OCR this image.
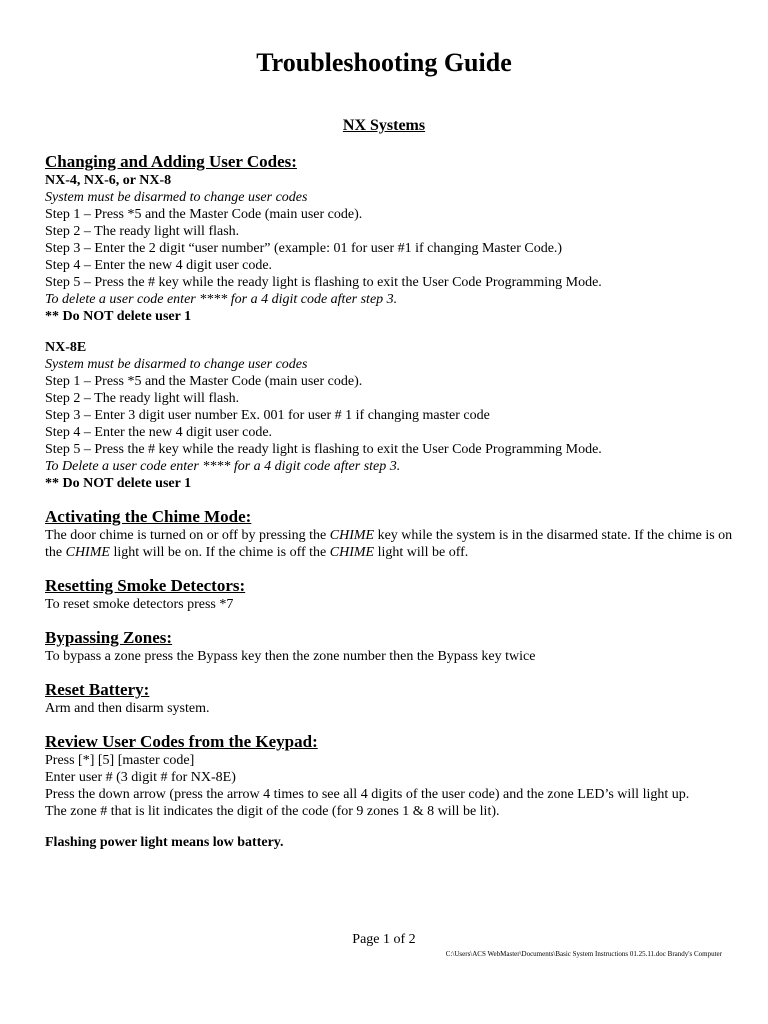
Troubleshooting Guide
NX Systems
Changing and Adding User Codes:
NX-4, NX-6, or NX-8
System must be disarmed to change user codes
Step 1 – Press *5 and the Master Code (main user code).
Step 2 – The ready light will flash.
Step 3 – Enter the 2 digit “user number” (example: 01 for user #1 if changing Master Code.)
Step 4 – Enter the new 4 digit user code.
Step 5 – Press the # key while the ready light is flashing to exit the User Code Programming Mode.
To delete a user code enter **** for a 4 digit code after step 3.
** Do NOT delete user 1
NX-8E
System must be disarmed to change user codes
Step 1 – Press *5 and the Master Code (main user code).
Step 2 – The ready light will flash.
Step 3 – Enter 3 digit user number Ex. 001 for user # 1 if changing master code
Step 4 – Enter the new 4 digit user code.
Step 5 – Press the # key while the ready light is flashing to exit the User Code Programming Mode.
To Delete a user code enter **** for a 4 digit code after step 3.
** Do NOT delete user 1
Activating the Chime Mode:
The door chime is turned on or off by pressing the CHIME key while the system is in the disarmed state. If the chime is on the CHIME light will be on. If the chime is off the CHIME light will be off.
Resetting Smoke Detectors:
To reset smoke detectors press *7
Bypassing Zones:
To bypass a zone press the Bypass key then the zone number then the Bypass key twice
Reset Battery:
Arm and then disarm system.
Review User Codes from the Keypad:
Press [*] [5] [master code]
Enter user # (3 digit # for NX-8E)
Press the down arrow (press the arrow 4 times to see all 4 digits of the user code) and the zone LED’s will light up.
The zone # that is lit indicates the digit of the code (for 9 zones 1 & 8 will be lit).
Flashing power light means low battery.
Page 1 of 2
C:\Users\ACS WebMaster\Documents\Basic System Instructions 01.25.11.doc Brandy's Computer
